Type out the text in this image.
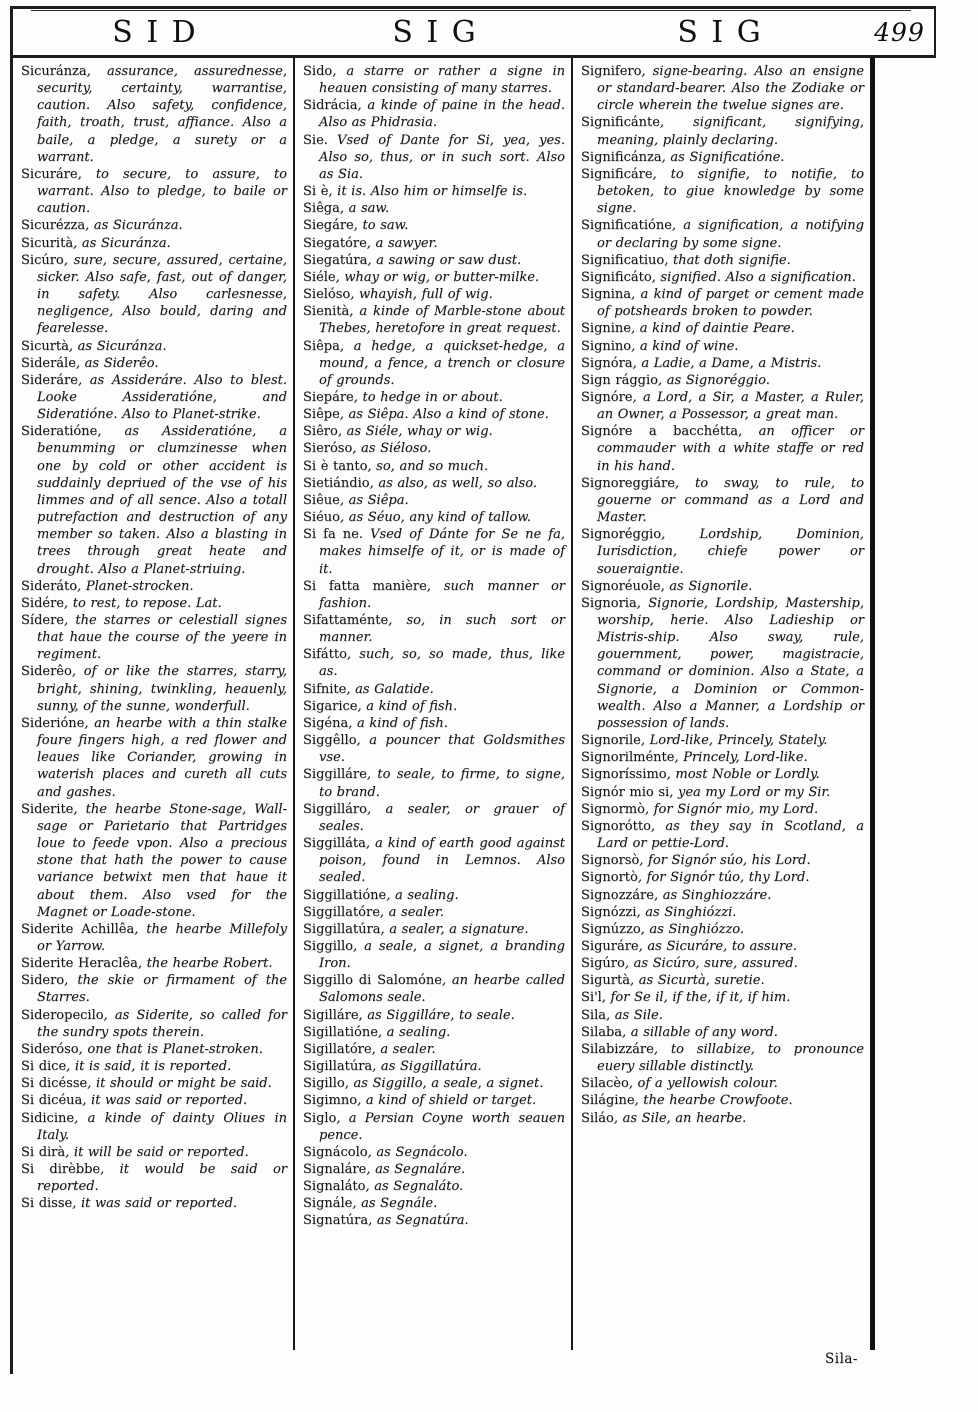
SID	SIG	SIG	499

Sicuránza, assurance, assurednesse, security, certainty, warrantise, caution. Also safety, confidence, faith, troath, trust, affiance. Also a baile, a pledge, a surety or a warrant.

Sicuráre, to secure, to assure, to warrant. Also to pledge, to baile or caution.

Sicurézza, as Sicuránza.

Sicurità, as Sicuránza.

Sicúro, sure, secure, assured, certaine, sicker. Also safe, fast, out of danger, in safety. Also carlesnesse, negligence, Also bould, daring and fearelesse.

Sicurtà, as Sicuránza.

Siderále, as Siderêo.

Sideráre, as Assideráre. Also to blest. Looke Assideratióne, and Sideratióne. Also to Planet-strike.

Sideratióne, as Assideratióne, a benumming or clumzinesse when one by cold or other accident is suddainly depriued of the vse of his limmes and of all sence. Also a totall putrefaction and destruction of any member so taken. Also a blasting in trees through great heate and drought. Also a Planet-striuing.

Sideráto, Planet-strocken.

Sidére, to rest, to repose. Lat.

Sídere, the starres or celestiall signes that haue the course of the yeere in regiment.

Siderêo, of or like the starres, starry, bright, shining, twinkling, heauenly, sunny, of the sunne, wonderfull.

Siderióne, an hearbe with a thin stalke foure fingers high, a red flower and leaues like Coriander, growing in waterish places and cureth all cuts and gashes.

Siderite, the hearbe Stone-sage, Wall-sage or Parietario that Partridges loue to feede vpon. Also a precious stone that hath the power to cause variance betwixt men that haue it about them. Also vsed for the Magnet or Loade-stone.

Siderite Achillêa, the hearbe Millefoly or Yarrow.

Siderite Heraclêa, the hearbe Robert.

Sidero, the skie or firmament of the Starres.

Sideropecilo, as Siderite, so called for the sundry spots therein.

Sideróso, one that is Planet-stroken.

Si dice, it is said, it is reported.

Si dicésse, it should or might be said.

Si dicéua, it was said or reported.

Sidicine, a kinde of dainty Oliues in Italy.

Si dirà, it will be said or reported.

Si dirèbbe, it would be said or reported.

Si disse, it was said or reported.

Sido, a starre or rather a signe in heauen consisting of many starres.

Sidrácia, a kinde of paine in the head. Also as Phidrasia.

Sie. Vsed of Dante for Si, yea, yes. Also so, thus, or in such sort. Also as Sia.

Si è, it is. Also him or himselfe is.

Siêga, a saw.

Siegáre, to saw.

Siegatóre, a sawyer.

Siegatúra, a sawing or saw dust.

Siéle, whay or wig, or butter-milke.

Sielóso, whayish, full of wig.

Sienità, a kinde of Marble-stone about Thebes, heretofore in great request.

Siêpa, a hedge, a quickset-hedge, a mound, a fence, a trench or closure of grounds.

Siepáre, to hedge in or about.

Siêpe, as Siêpa. Also a kind of stone.

Siêro, as Siéle, whay or wig.

Sieróso, as Siéloso.

Si è tanto, so, and so much.

Sietiándio, as also, as well, so also.

Siêue, as Siêpa.

Siéuo, as Séuo, any kind of tallow.

Si fa ne. Vsed of Dánte for Se ne fa, makes himselfe of it, or is made of it.

Si fatta manière, such manner or fashion.

Sifattaménte, so, in such sort or manner.

Sifátto, such, so, so made, thus, like as.

Sifnite, as Galatide.

Sigarice, a kind of fish.

Sigéna, a kind of fish.

Siggêllo, a pouncer that Goldsmithes vse.

Siggilláre, to seale, to firme, to signe, to brand.

Siggilláro, a sealer, or grauer of seales.

Siggilláta, a kind of earth good against poison, found in Lemnos. Also sealed.

Siggillatióne, a sealing.

Siggillatóre, a sealer.

Siggillatúra, a sealer, a signature.

Siggillo, a seale, a signet, a branding Iron.

Siggillo di Salomóne, an hearbe called Salomons seale.

Sigilláre, as Siggilláre, to seale.

Sigillatióne, a sealing.

Sigillatóre, a sealer.

Sigillatúra, as Siggillatúra.

Sigillo, as Siggillo, a seale, a signet.

Sigimno, a kind of shield or target.

Siglo, a Persian Coyne worth seauen pence.

Signácolo, as Segnácolo.

Signaláre, as Segnaláre.

Signaláto, as Segnaláto.

Signále, as Segnále.

Signatúra, as Segnatúra.

Signifero, signe-bearing. Also an ensigne or standard-bearer. Also the Zodiake or circle wherein the twelue signes are.

Significánte, significant, signifying, meaning, plainly declaring.

Significánza, as Significatióne.

Significáre, to signifie, to notifie, to betoken, to giue knowledge by some signe.

Significatióne, a signification, a notifying or declaring by some signe.

Significatiuo, that doth signifie.

Significáto, signified. Also a signification.

Signina, a kind of parget or cement made of potsheards broken to powder.

Signine, a kind of daintie Peare.

Signino, a kind of wine.

Signóra, a Ladie, a Dame, a Mistris.

Sign rággio, as Signoréggio.

Signóre, a Lord, a Sir, a Master, a Ruler, an Owner, a Possessor, a great man.

Signóre a bacchétta, an officer or commauder with a white staffe or red in his hand.

Signoreggiáre, to sway, to rule, to gouerne or command as a Lord and Master.

Signoréggio, Lordship, Dominion, Iurisdiction, chiefe power or soueraigntie.

Signoréuole, as Signorile.

Signoria, Signorie, Lordship, Mastership, worship, herie. Also Ladieship or Mistris-ship. Also sway, rule, gouernment, power, magistracie, command or dominion. Also a State, a Signorie, a Dominion or Common-wealth. Also a Manner, a Lordship or possession of lands.

Signorile, Lord-like, Princely, Stately.

Signorilménte, Princely, Lord-like.

Signoríssimo, most Noble or Lordly.

Signór mio si, yea my Lord or my Sir.

Signormò, for Signór mio, my Lord.

Signorótto, as they say in Scotland, a Lard or pettie-Lord.

Signorsò, for Signór súo, his Lord.

Signortò, for Signór túo, thy Lord.

Signozzáre, as Singhiozzáre.

Signózzi, as Singhiózzi.

Signúzzo, as Singhiózzo.

Siguráre, as Sicuráre, to assure.

Sigúro, as Sicúro, sure, assured.

Sigurtà, as Sicurtà, suretie.

Si'l, for Se il, if the, if it, if him.

Sila, as Sile.

Silaba, a sillable of any word.

Silabizzáre, to sillabize, to pronounce euery sillable distinctly.

Silacèo, of a yellowish colour.

Silágine, the hearbe Crowfoote.

Siláo, as Sile, an hearbe.

Sila-
